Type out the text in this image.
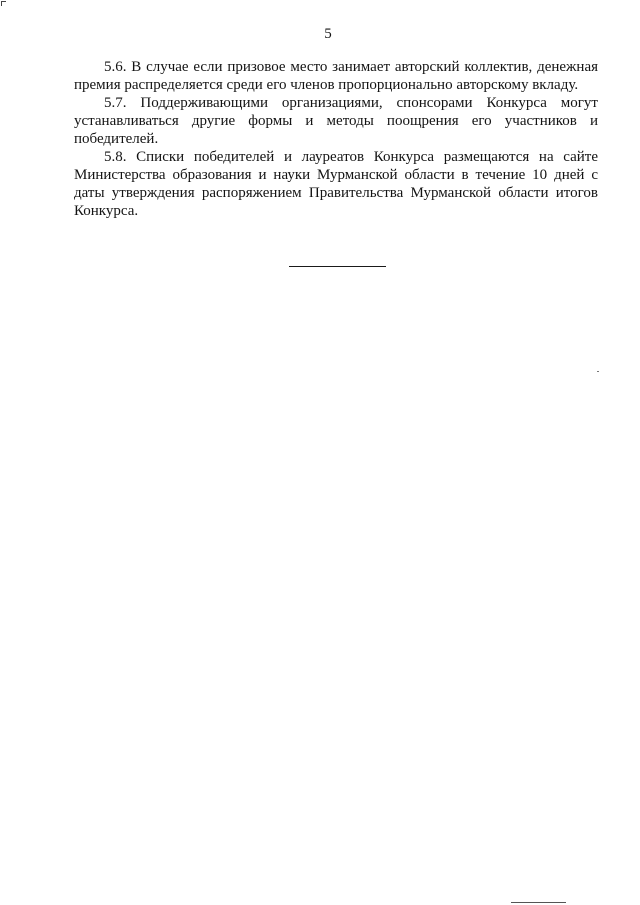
5

5.6. В случае если призовое место занимает авторский коллектив, денежная премия распределяется среди его членов пропорционально авторскому вкладу.

5.7. Поддерживающими организациями, спонсорами Конкурса могут устанавливаться другие формы и методы поощрения его участников и победителей.

5.8. Списки победителей и лауреатов Конкурса размещаются на сайте Министерства образования и науки Мурманской области в течение 10 дней с даты утверждения распоряжением Правительства Мурманской области итогов Конкурса.
